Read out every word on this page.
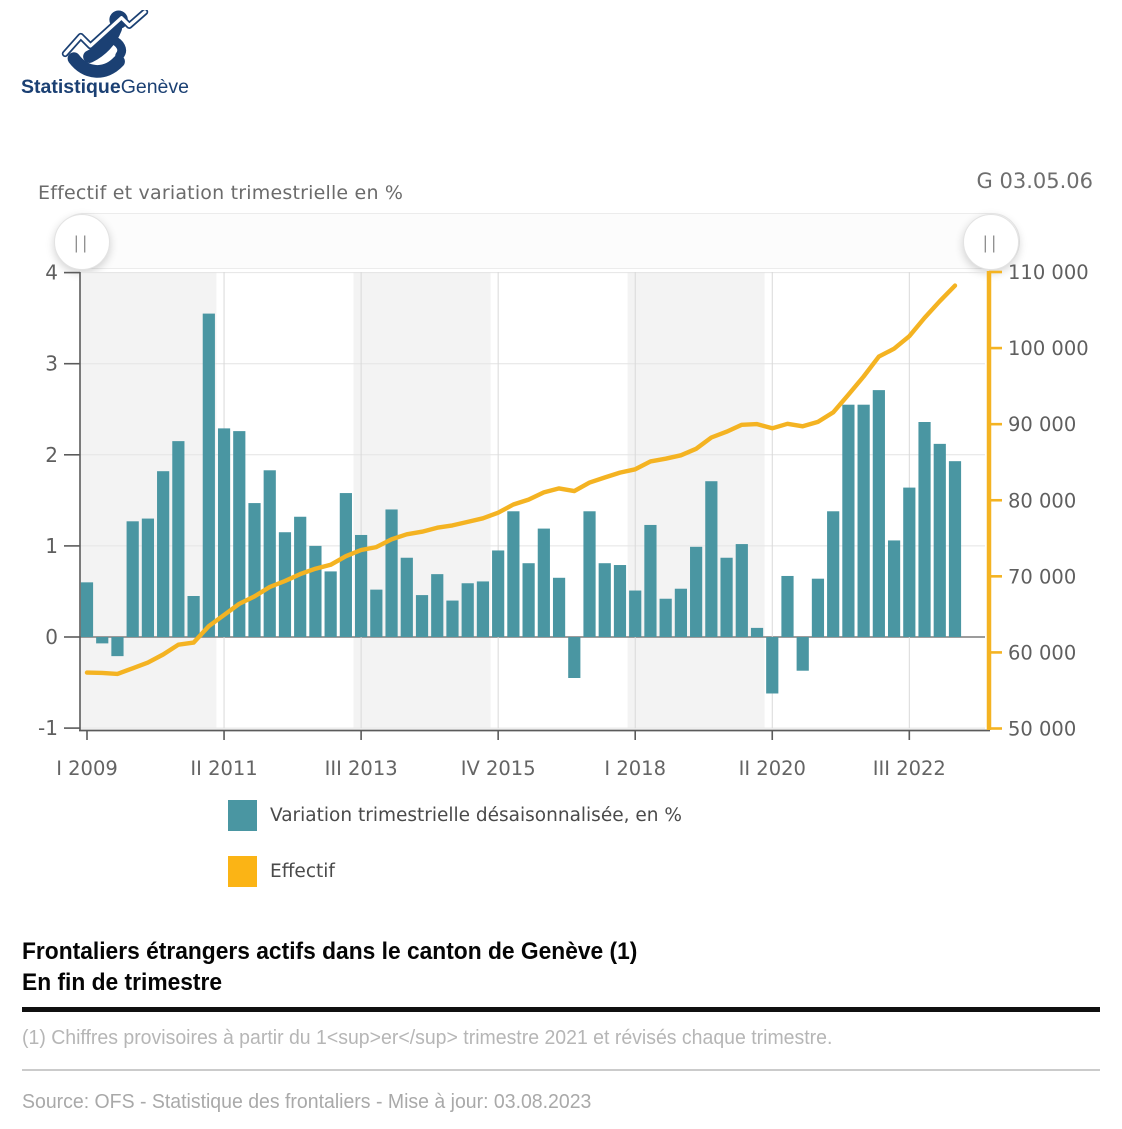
StatistiqueGenève
Effectif et variation trimestrielle en %	G 03.05.06
||	||
4
3
2
1
0
-1
I 2009	II 2011	III 2013	IV 2015	I 2018	II 2020	III 2022
110 000
100 000
90 000
80 000
70 000
60 000
50 000
Variation trimestrielle désaisonnalisée, en %
Effectif
Frontaliers étrangers actifs dans le canton de Genève (1)
En fin de trimestre
(1) Chiffres provisoires à partir du 1<sup>er</sup> trimestre 2021 et révisés chaque trimestre.
Source: OFS - Statistique des frontaliers - Mise à jour: 03.08.2023
